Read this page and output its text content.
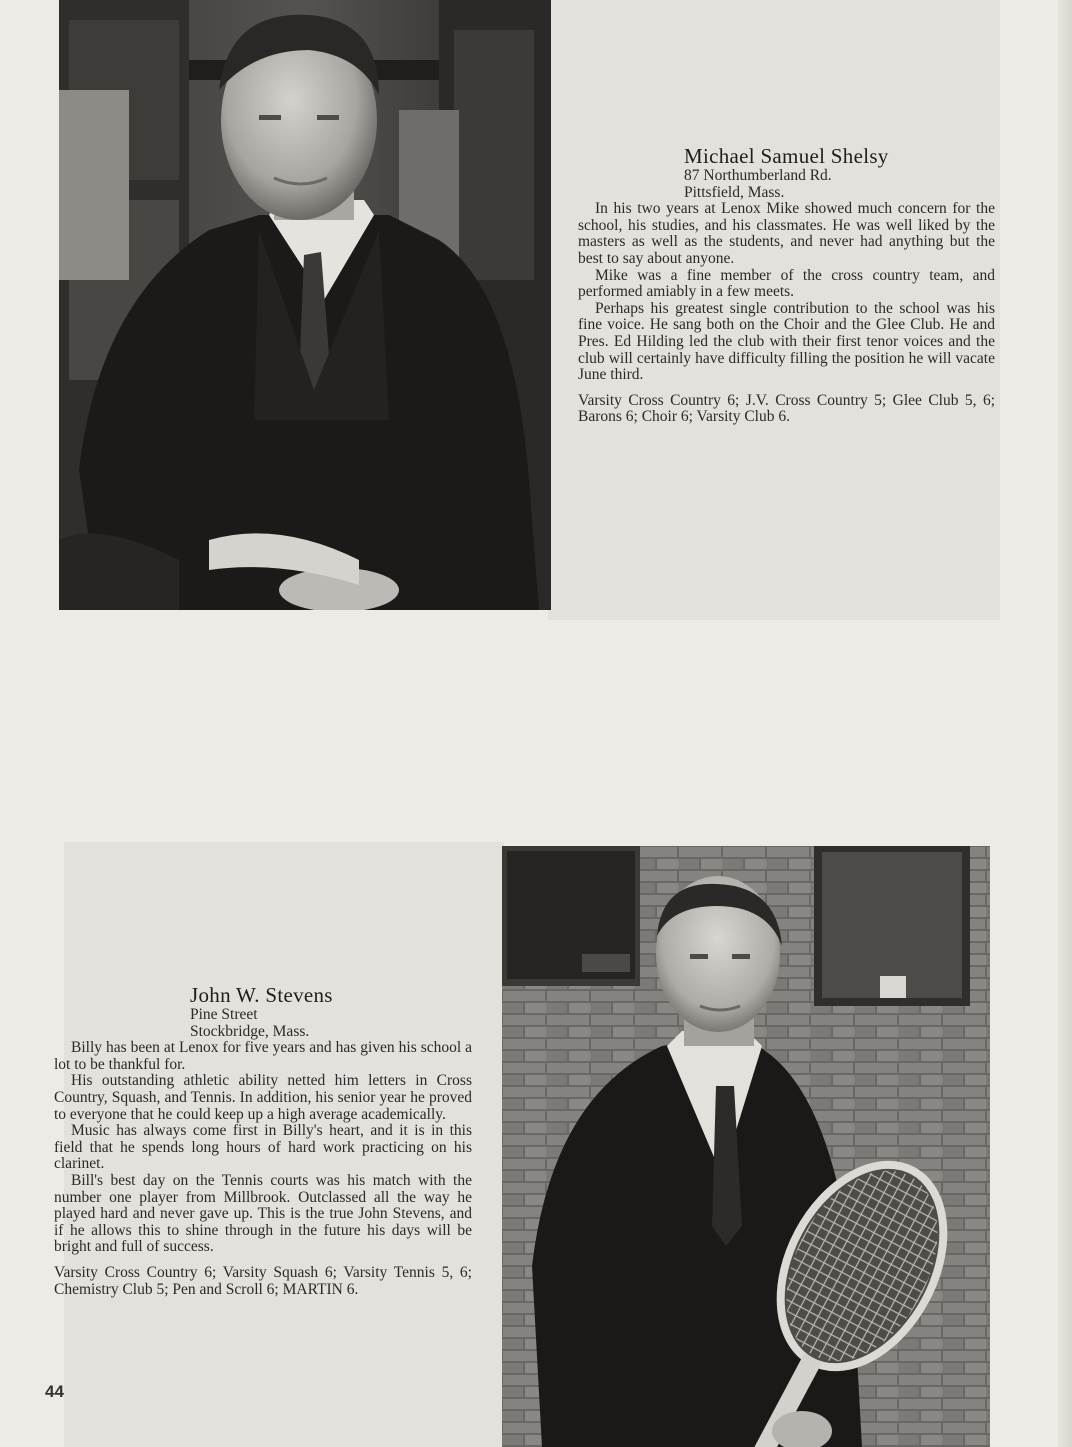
Michael Samuel Shelsy
87 Northumberland Rd.
Pittsfield, Mass.

In his two years at Lenox Mike showed much concern for the school, his studies, and his classmates. He was well liked by the masters as well as the students, and never had anything but the best to say about anyone.

Mike was a fine member of the cross country team, and performed amiably in a few meets.

Perhaps his greatest single contribution to the school was his fine voice. He sang both on the Choir and the Glee Club. He and Pres. Ed Hilding led the club with their first tenor voices and the club will certainly have difficulty filling the position he will vacate June third.

Varsity Cross Country 6; J.V. Cross Country 5; Glee Club 5, 6; Barons 6; Choir 6; Varsity Club 6.

John W. Stevens
Pine Street
Stockbridge, Mass.

Billy has been at Lenox for five years and has given his school a lot to be thankful for.

His outstanding athletic ability netted him letters in Cross Country, Squash, and Tennis. In addition, his senior year he proved to everyone that he could keep up a high average academically.

Music has always come first in Billy's heart, and it is in this field that he spends long hours of hard work practicing on his clarinet.

Bill's best day on the Tennis courts was his match with the number one player from Millbrook. Outclassed all the way he played hard and never gave up. This is the true John Stevens, and if he allows this to shine through in the future his days will be bright and full of success.

Varsity Cross Country 6; Varsity Squash 6; Varsity Tennis 5, 6; Chemistry Club 5; Pen and Scroll 6; MARTIN 6.

44
